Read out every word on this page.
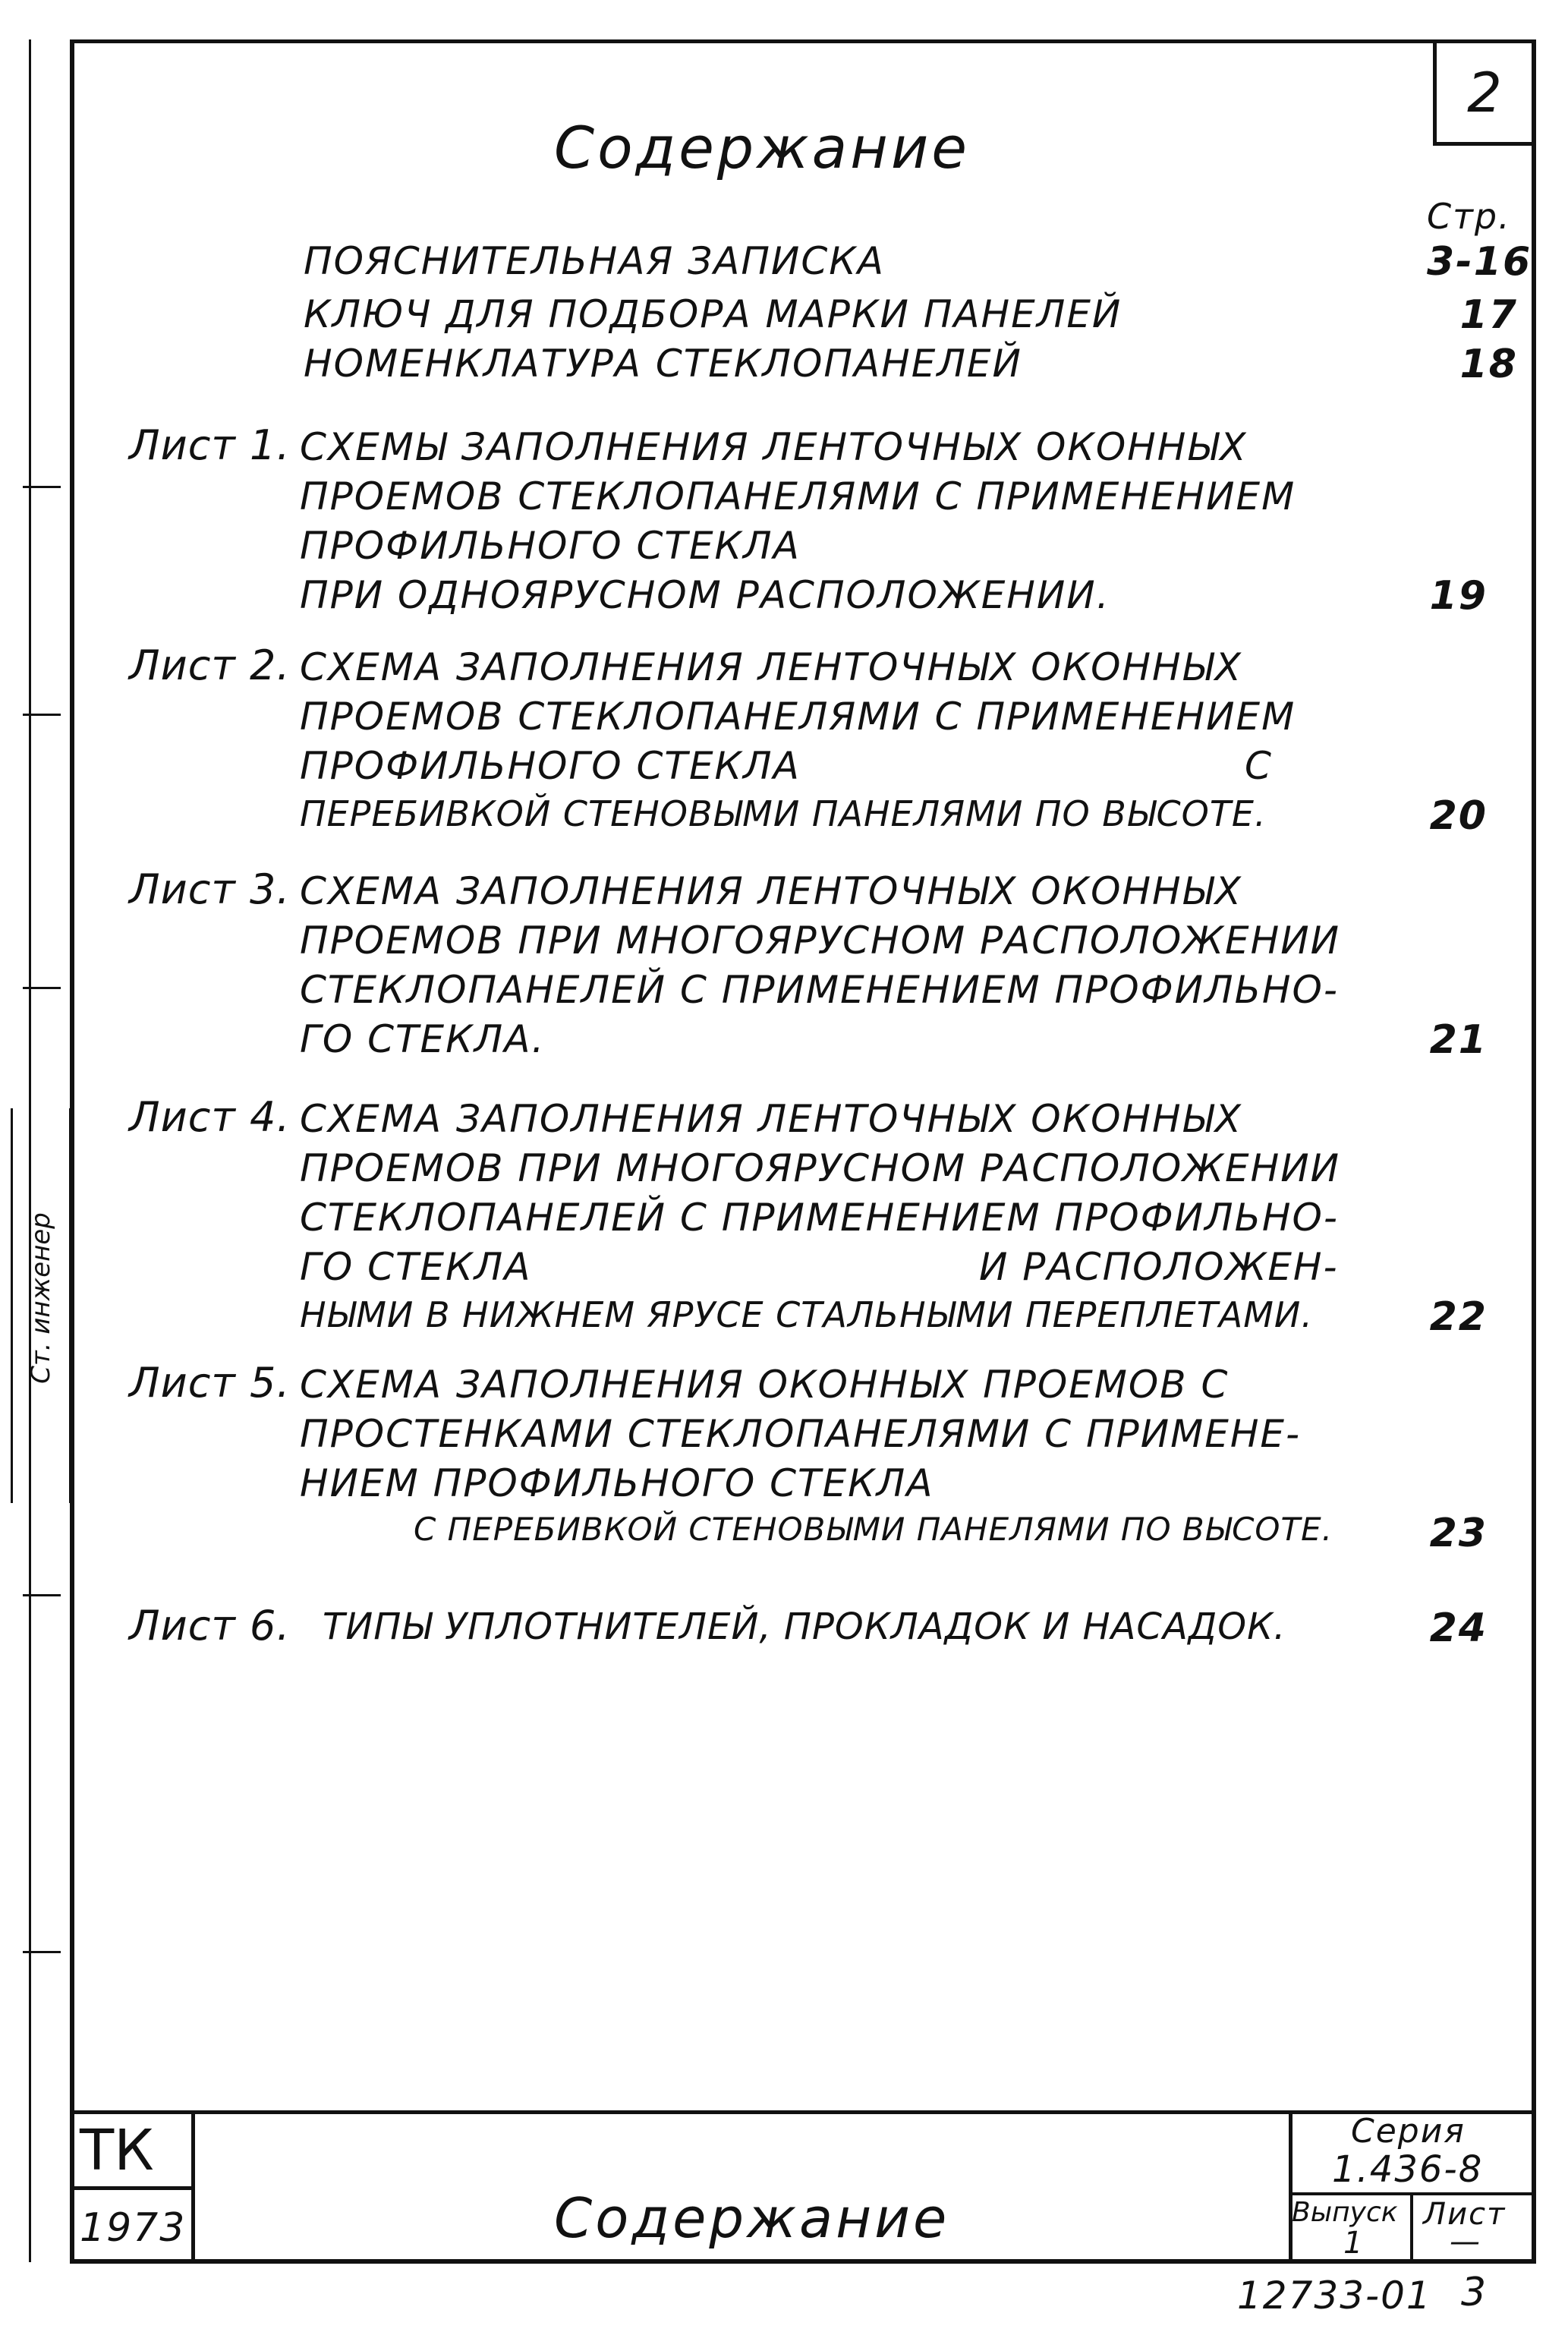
Ст. инженер
2
Содержание
Стр.
ПОЯСНИТЕЛЬНАЯ ЗАПИСКА	3-16
КЛЮЧ ДЛЯ ПОДБОРА МАРКИ ПАНЕЛЕЙ	17
НОМЕНКЛАТУРА СТЕКЛОПАНЕЛЕЙ	18
Лист 1. СХЕМЫ ЗАПОЛНЕНИЯ ЛЕНТОЧНЫХ ОКОННЫХ
ПРОЕМОВ СТЕКЛОПАНЕЛЯМИ С ПРИМЕНЕНИЕМ
ПРОФИЛЬНОГО СТЕКЛА
ПРИ ОДНОЯРУСНОМ РАСПОЛОЖЕНИИ.	19
Лист 2. СХЕМА ЗАПОЛНЕНИЯ ЛЕНТОЧНЫХ ОКОННЫХ
ПРОЕМОВ СТЕКЛОПАНЕЛЯМИ С ПРИМЕНЕНИЕМ
ПРОФИЛЬНОГО СТЕКЛА	С
ПЕРЕБИВКОЙ СТЕНОВЫМИ ПАНЕЛЯМИ ПО ВЫСОТЕ.	20
Лист 3. СХЕМА ЗАПОЛНЕНИЯ ЛЕНТОЧНЫХ ОКОННЫХ
ПРОЕМОВ ПРИ МНОГОЯРУСНОМ РАСПОЛОЖЕНИИ
СТЕКЛОПАНЕЛЕЙ С ПРИМЕНЕНИЕМ ПРОФИЛЬНО-
ГО СТЕКЛА.	21
Лист 4. СХЕМА ЗАПОЛНЕНИЯ ЛЕНТОЧНЫХ ОКОННЫХ
ПРОЕМОВ ПРИ МНОГОЯРУСНОМ РАСПОЛОЖЕНИИ
СТЕКЛОПАНЕЛЕЙ С ПРИМЕНЕНИЕМ ПРОФИЛЬНО-
ГО СТЕКЛА	И РАСПОЛОЖЕН-
НЫМИ В НИЖНЕМ ЯРУСЕ СТАЛЬНЫМИ ПЕРЕПЛЕТАМИ.	22
Лист 5. СХЕМА ЗАПОЛНЕНИЯ ОКОННЫХ ПРОЕМОВ С
ПРОСТЕНКАМИ СТЕКЛОПАНЕЛЯМИ С ПРИМЕНЕ-
НИЕМ ПРОФИЛЬНОГО СТЕКЛА
С ПЕРЕБИВКОЙ СТЕНОВЫМИ ПАНЕЛЯМИ ПО ВЫСОТЕ.	23
Лист 6. ТИПЫ УПЛОТНИТЕЛЕЙ, ПРОКЛАДОК И НАСАДОК.	24
ТК
1973	Содержание
Серия
1.436-8
Выпуск
1
Лист
—
12733-01 3
